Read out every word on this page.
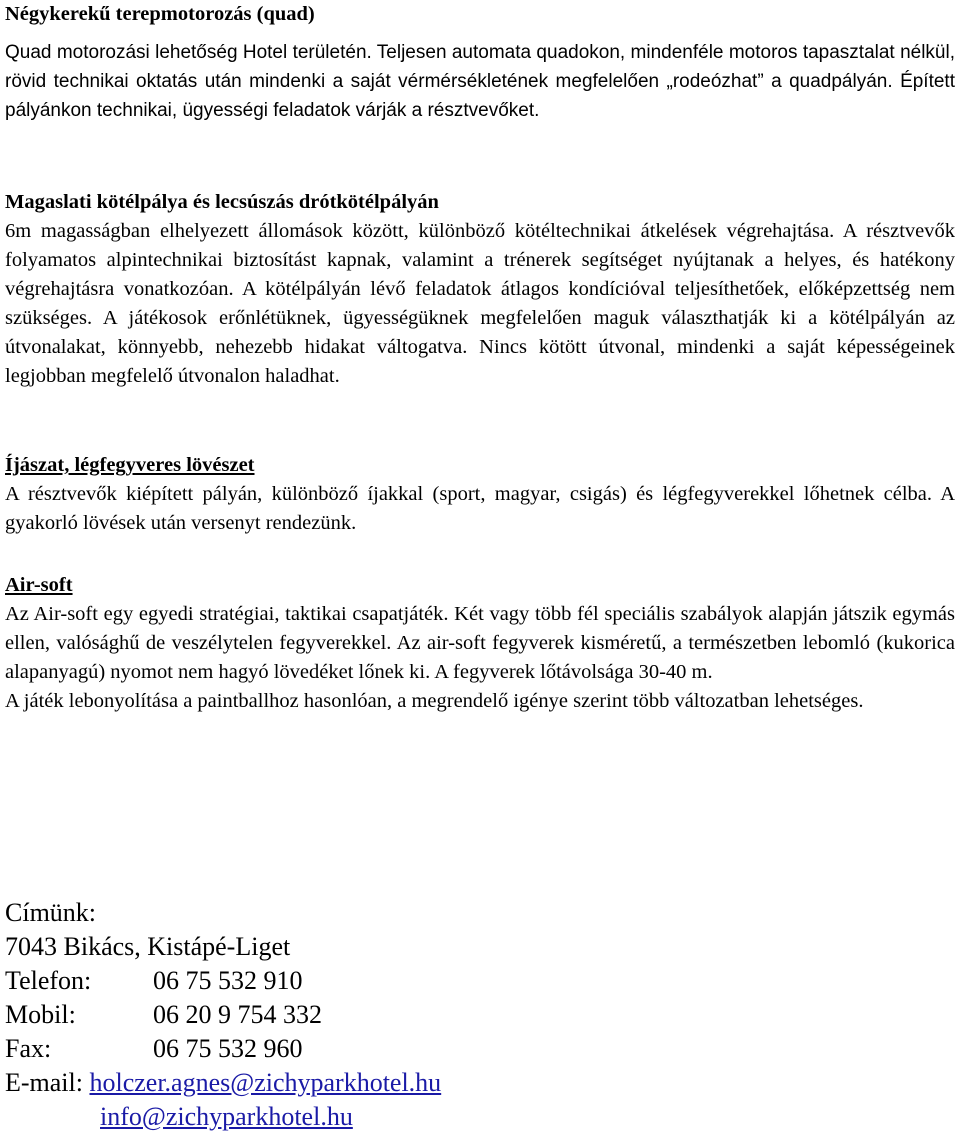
Négykerekű terepmotorozás (quad)
Quad motorozási lehetőség Hotel területén. Teljesen automata quadokon, mindenféle motoros tapasztalat nélkül, rövid technikai oktatás után mindenki a saját vérmérsékletének megfelelően „rodeózhat” a quadpályán. Épített pályánkon technikai, ügyességi feladatok várják a résztvevőket.
Magaslati kötélpálya és lecsúszás drótkötélpályán
6m magasságban elhelyezett állomások között, különböző kötéltechnikai átkelések végrehajtása. A résztvevők folyamatos alpintechnikai biztosítást kapnak, valamint a trénerek segítséget nyújtanak a helyes, és hatékony végrehajtásra vonatkozóan. A kötélpályán lévő feladatok átlagos kondícióval teljesíthetőek, előképzettség nem szükséges. A játékosok erőnlétüknek, ügyességüknek megfelelően maguk választhatják ki a kötélpályán az útvonalakat, könnyebb, nehezebb hidakat váltogatva. Nincs kötött útvonal, mindenki a saját képességeinek legjobban megfelelő útvonalon haladhat.
Íjászat, légfegyveres lövészet
A résztvevők kiépített pályán, különböző íjakkal (sport, magyar, csigás) és légfegyverekkel lőhetnek célba. A gyakorló lövések után versenyt rendezünk.
Air-soft
Az Air-soft egy egyedi stratégiai, taktikai csapatjáték. Két vagy több fél speciális szabályok alapján játszik egymás ellen, valósághű de veszélytelen fegyverekkel. Az air-soft fegyverek kisméretű, a természetben lebomló (kukorica alapanyagú) nyomot nem hagyó lövedéket lőnek ki. A fegyverek lőtávolsága 30-40 m.
A játék lebonyolítása a paintballhoz hasonlóan, a megrendelő igénye szerint több változatban lehetséges.
Címünk:
7043 Bikács, Kistápé-Liget
Telefon: 06 75 532 910
Mobil:	06 20 9 754 332
Fax:	06 75 532 960
E-mail: holczer.agnes@zichyparkhotel.hu
info@zichyparkhotel.hu
